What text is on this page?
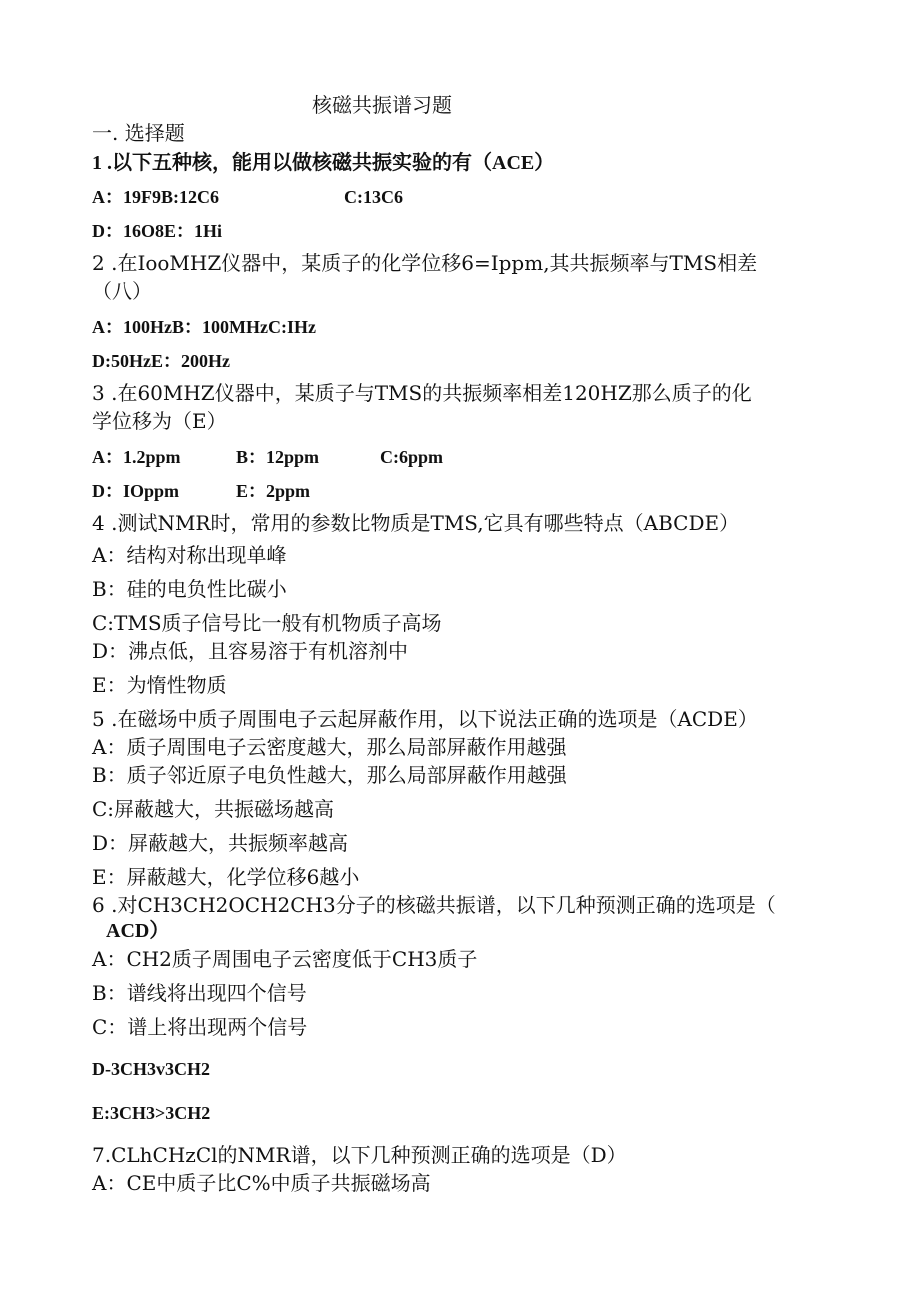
核磁共振谱习题
一. 选择题
1 .以下五种核，能用以做核磁共振实验的有（ACE）
A：19F9B:12C6	C:13C6
D：16O8E：1Hi
2 .在IooMHZ仪器中，某质子的化学位移6=Ippm,其共振频率与TMS相差
（八）
A：100HzB：100MHzC:IHz
D:50HzE：200Hz
3 .在60MHZ仪器中，某质子与TMS的共振频率相差120HZ那么质子的化
学位移为（E）
A：1.2ppm	B：12ppm	C:6ppm
D：IOppm	E：2ppm
4 .测试NMR时，常用的参数比物质是TMS,它具有哪些特点（ABCDE）
A：结构对称出现单峰
B：硅的电负性比碳小
C:TMS质子信号比一般有机物质子高场
D：沸点低，且容易溶于有机溶剂中
E：为惰性物质
5 .在磁场中质子周围电子云起屏蔽作用，以下说法正确的选项是（ACDE）
A：质子周围电子云密度越大，那么局部屏蔽作用越强
B：质子邻近原子电负性越大，那么局部屏蔽作用越强
C:屏蔽越大，共振磁场越高
D：屏蔽越大，共振频率越高
E：屏蔽越大，化学位移6越小
6 .对CH3CH2OCH2CH3分子的核磁共振谱，以下几种预测正确的选项是（
ACD）
A：CH2质子周围电子云密度低于CH3质子
B：谱线将出现四个信号
C：谱上将出现两个信号
D-3CH3v3CH2
E:3CH3>3CH2
7.CLhCHzCl的NMR谱，以下几种预测正确的选项是（D）
A：CE中质子比C%中质子共振磁场高
